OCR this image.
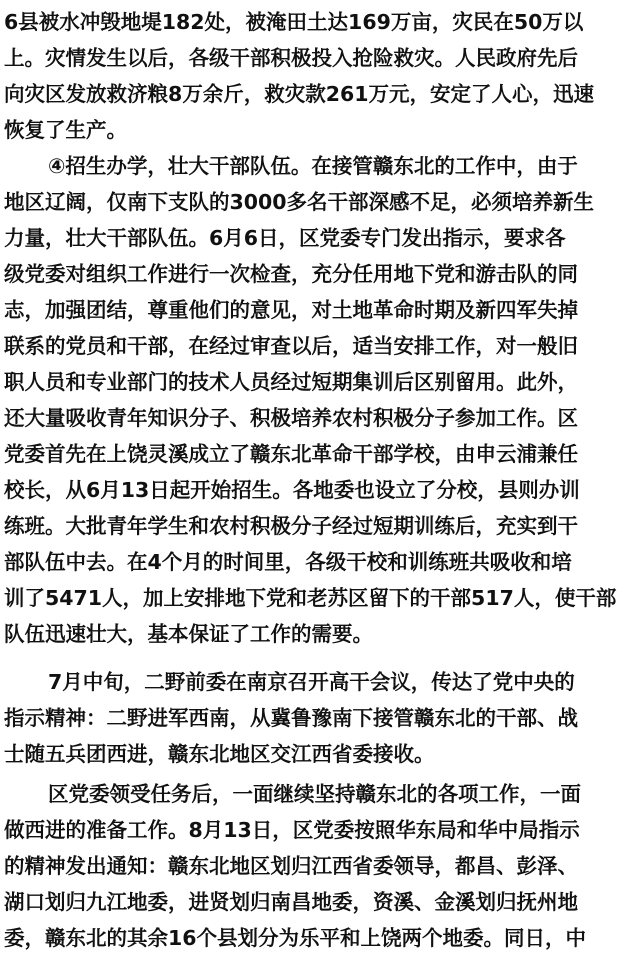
6县被水冲毁地堤182处，被淹田土达169万亩，灾民在50万以
上。灾情发生以后，各级干部积极投入抢险救灾。人民政府先后
向灾区发放救济粮8万余斤，救灾款261万元，安定了人心，迅速
恢复了生产。
④招生办学，壮大干部队伍。在接管赣东北的工作中，由于
地区辽阔，仅南下支队的3000多名干部深感不足，必须培养新生
力量，壮大干部队伍。6月6日，区党委专门发出指示，要求各
级党委对组织工作进行一次检查，充分任用地下党和游击队的同
志，加强团结，尊重他们的意见，对土地革命时期及新四军失掉
联系的党员和干部，在经过审查以后，适当安排工作，对一般旧
职人员和专业部门的技术人员经过短期集训后区别留用。此外，
还大量吸收青年知识分子、积极培养农村积极分子参加工作。区
党委首先在上饶灵溪成立了赣东北革命干部学校，由申云浦兼任
校长，从6月13日起开始招生。各地委也设立了分校，县则办训
练班。大批青年学生和农村积极分子经过短期训练后，充实到干
部队伍中去。在4个月的时间里，各级干校和训练班共吸收和培
训了5471人，加上安排地下党和老苏区留下的干部517人，使干部
队伍迅速壮大，基本保证了工作的需要。
7月中旬，二野前委在南京召开高干会议，传达了党中央的
指示精神：二野进军西南，从冀鲁豫南下接管赣东北的干部、战
士随五兵团西进，赣东北地区交江西省委接收。
区党委领受任务后，一面继续坚持赣东北的各项工作，一面
做西进的准备工作。8月13日，区党委按照华东局和华中局指示
的精神发出通知：赣东北地区划归江西省委领导，都昌、彭泽、
湖口划归九江地委，进贤划归南昌地委，资溪、金溪划归抚州地
委，赣东北的其余16个县划分为乐平和上饶两个地委。同日，中
